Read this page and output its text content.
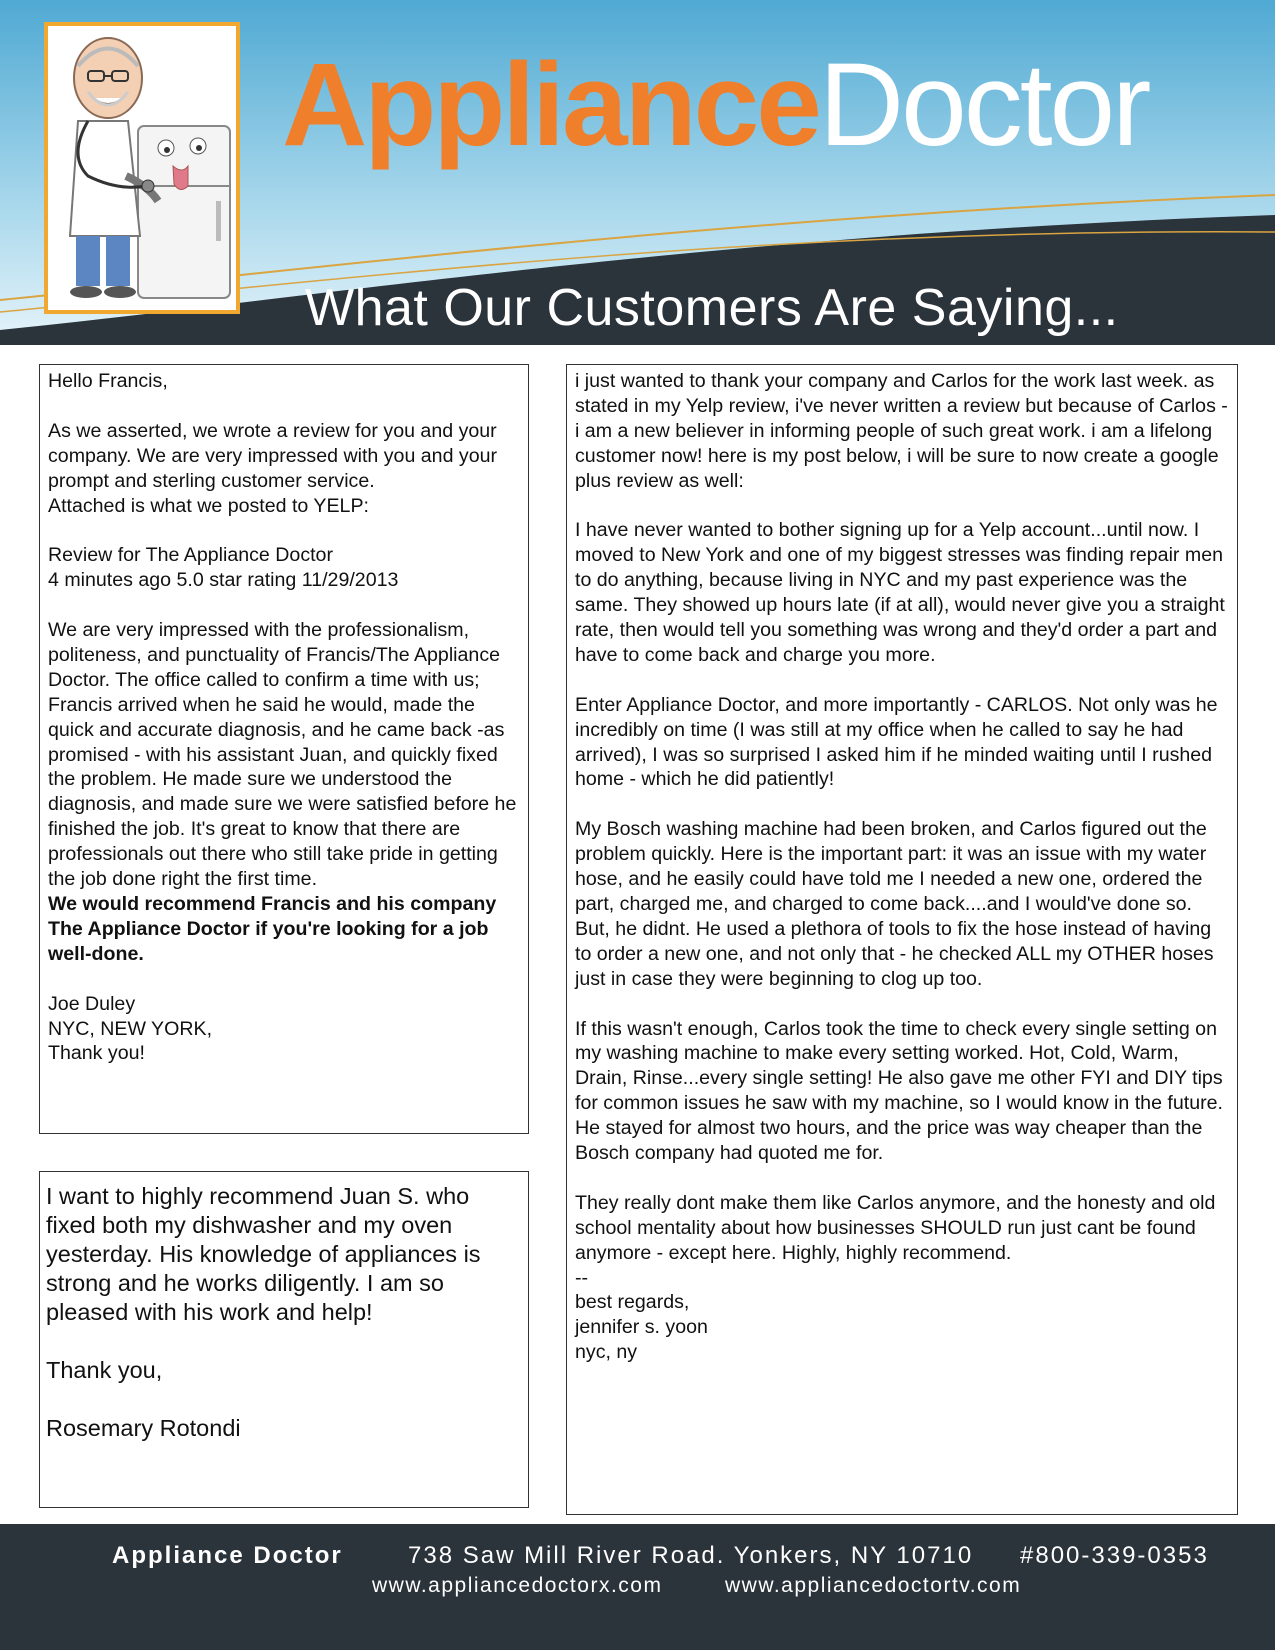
ApplianceDoctor
What Our Customers Are Saying...

Hello Francis,

As we asserted, we wrote a review for you and your company. We are very impressed with you and your prompt and sterling customer service.

Attached is what we posted to YELP:

Review for The Appliance Doctor

4 minutes ago 5.0 star rating 11/29/2013

We are very impressed with the professionalism, politeness, and punctuality of Francis/The Appliance Doctor. The office called to confirm a time with us; Francis arrived when he said he would, made the quick and accurate diagnosis, and he came back -as promised - with his assistant Juan, and quickly fixed the problem. He made sure we understood the diagnosis, and made sure we were satisfied before he finished the job. It's great to know that there are professionals out there who still take pride in getting the job done right the first time.

We would recommend Francis and his company The Appliance Doctor if you're looking for a job well-done.

Joe Duley

NYC, NEW YORK,

Thank you!

I want to highly recommend Juan S. who fixed both my dishwasher and my oven yesterday. His knowledge of appliances is strong and he works diligently. I am so pleased with his work and help!

Thank you,

Rosemary Rotondi

i just wanted to thank your company and Carlos for the work last week. as stated in my Yelp review, i've never written a review but because of Carlos - i am a new believer in informing people of such great work. i am a lifelong customer now! here is my post below, i will be sure to now create a google plus review as well:

I have never wanted to bother signing up for a Yelp account...until now. I moved to New York and one of my biggest stresses was finding repair men to do anything, because living in NYC and my past experience was the same. They showed up hours late (if at all), would never give you a straight rate, then would tell you something was wrong and they'd order a part and have to come back and charge you more.

Enter Appliance Doctor, and more importantly - CARLOS. Not only was he incredibly on time (I was still at my office when he called to say he had arrived), I was so surprised I asked him if he minded waiting until I rushed home - which he did patiently!

My Bosch washing machine had been broken, and Carlos figured out the problem quickly. Here is the important part: it was an issue with my water hose, and he easily could have told me I needed a new one, ordered the part, charged me, and charged to come back....and I would've done so. But, he didnt. He used a plethora of tools to fix the hose instead of having to order a new one, and not only that - he checked ALL my OTHER hoses just in case they were beginning to clog up too.

If this wasn't enough, Carlos took the time to check every single setting on my washing machine to make every setting worked. Hot, Cold, Warm, Drain, Rinse...every single setting! He also gave me other FYI and DIY tips for common issues he saw with my machine, so I would know in the future. He stayed for almost two hours, and the price was way cheaper than the Bosch company had quoted me for.

They really dont make them like Carlos anymore, and the honesty and old school mentality about how businesses SHOULD run just cant be found anymore - except here. Highly, highly recommend.

--

best regards,

jennifer s. yoon

nyc, ny

Appliance Doctor	738 Saw Mill River Road. Yonkers, NY 10710 #800-339-0353
www.appliancedoctorx.com	www.appliancedoctortv.com
